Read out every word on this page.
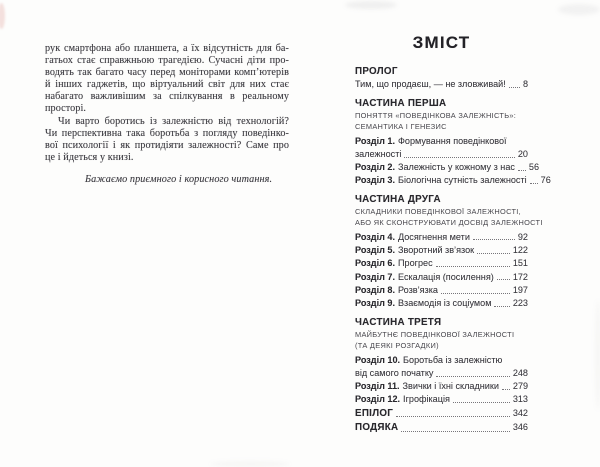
рук смартфона або планшета, а їх відсутність для ба-
гатьох стає справжньою трагедією. Сучасні діти про-
водять так багато часу перед моніторами комп’ютерів
й інших гаджетів, що віртуальний світ для них стає
набагато важливішим за спілкування в реальному
просторі.
Чи варто боротись із залежністю від технологій?
Чи перспективна така боротьба з погляду поведінко-
вої психології і як протидіяти залежності? Саме про
це і йдеться у книзі.
Бажаємо приємного і корисного читання.
ЗМІСТ
ПРОЛОГ
Тим, що продаєш, — не зловживай! 8
ЧАСТИНА ПЕРША
ПОНЯТТЯ «ПОВЕДІНКОВА ЗАЛЕЖНІСТЬ»:
СЕМАНТИКА І ГЕНЕЗИС
Розділ 1. Формування поведінкової
залежності	20
Розділ 2. Залежність у кожному з нас 56
Розділ 3. Біологічна сутність залежності 76
ЧАСТИНА ДРУГА
СКЛАДНИКИ ПОВЕДІНКОВОЇ ЗАЛЕЖНОСТІ,
АБО ЯК СКОНСТРУЮВАТИ ДОСВІД ЗАЛЕЖНОСТІ
Розділ 4. Досягнення мети	92
Розділ 5. Зворотний зв’язок	122
Розділ 6. Прогрес	151
Розділ 7. Ескалація (посилення) 172
Розділ 8. Розв’язка	197
Розділ 9. Взаємодія із соціумом 223
ЧАСТИНА ТРЕТЯ
МАЙБУТНЄ ПОВЕДІНКОВОЇ ЗАЛЕЖНОСТІ
(ТА ДЕЯКІ РОЗГАДКИ)
Розділ 10. Боротьба із залежністю
від самого початку	248
Розділ 11. Звички і їхні складники 279
Розділ 12. Ігрофікація	313
ЕПІЛОГ	342
ПОДЯКА	346
